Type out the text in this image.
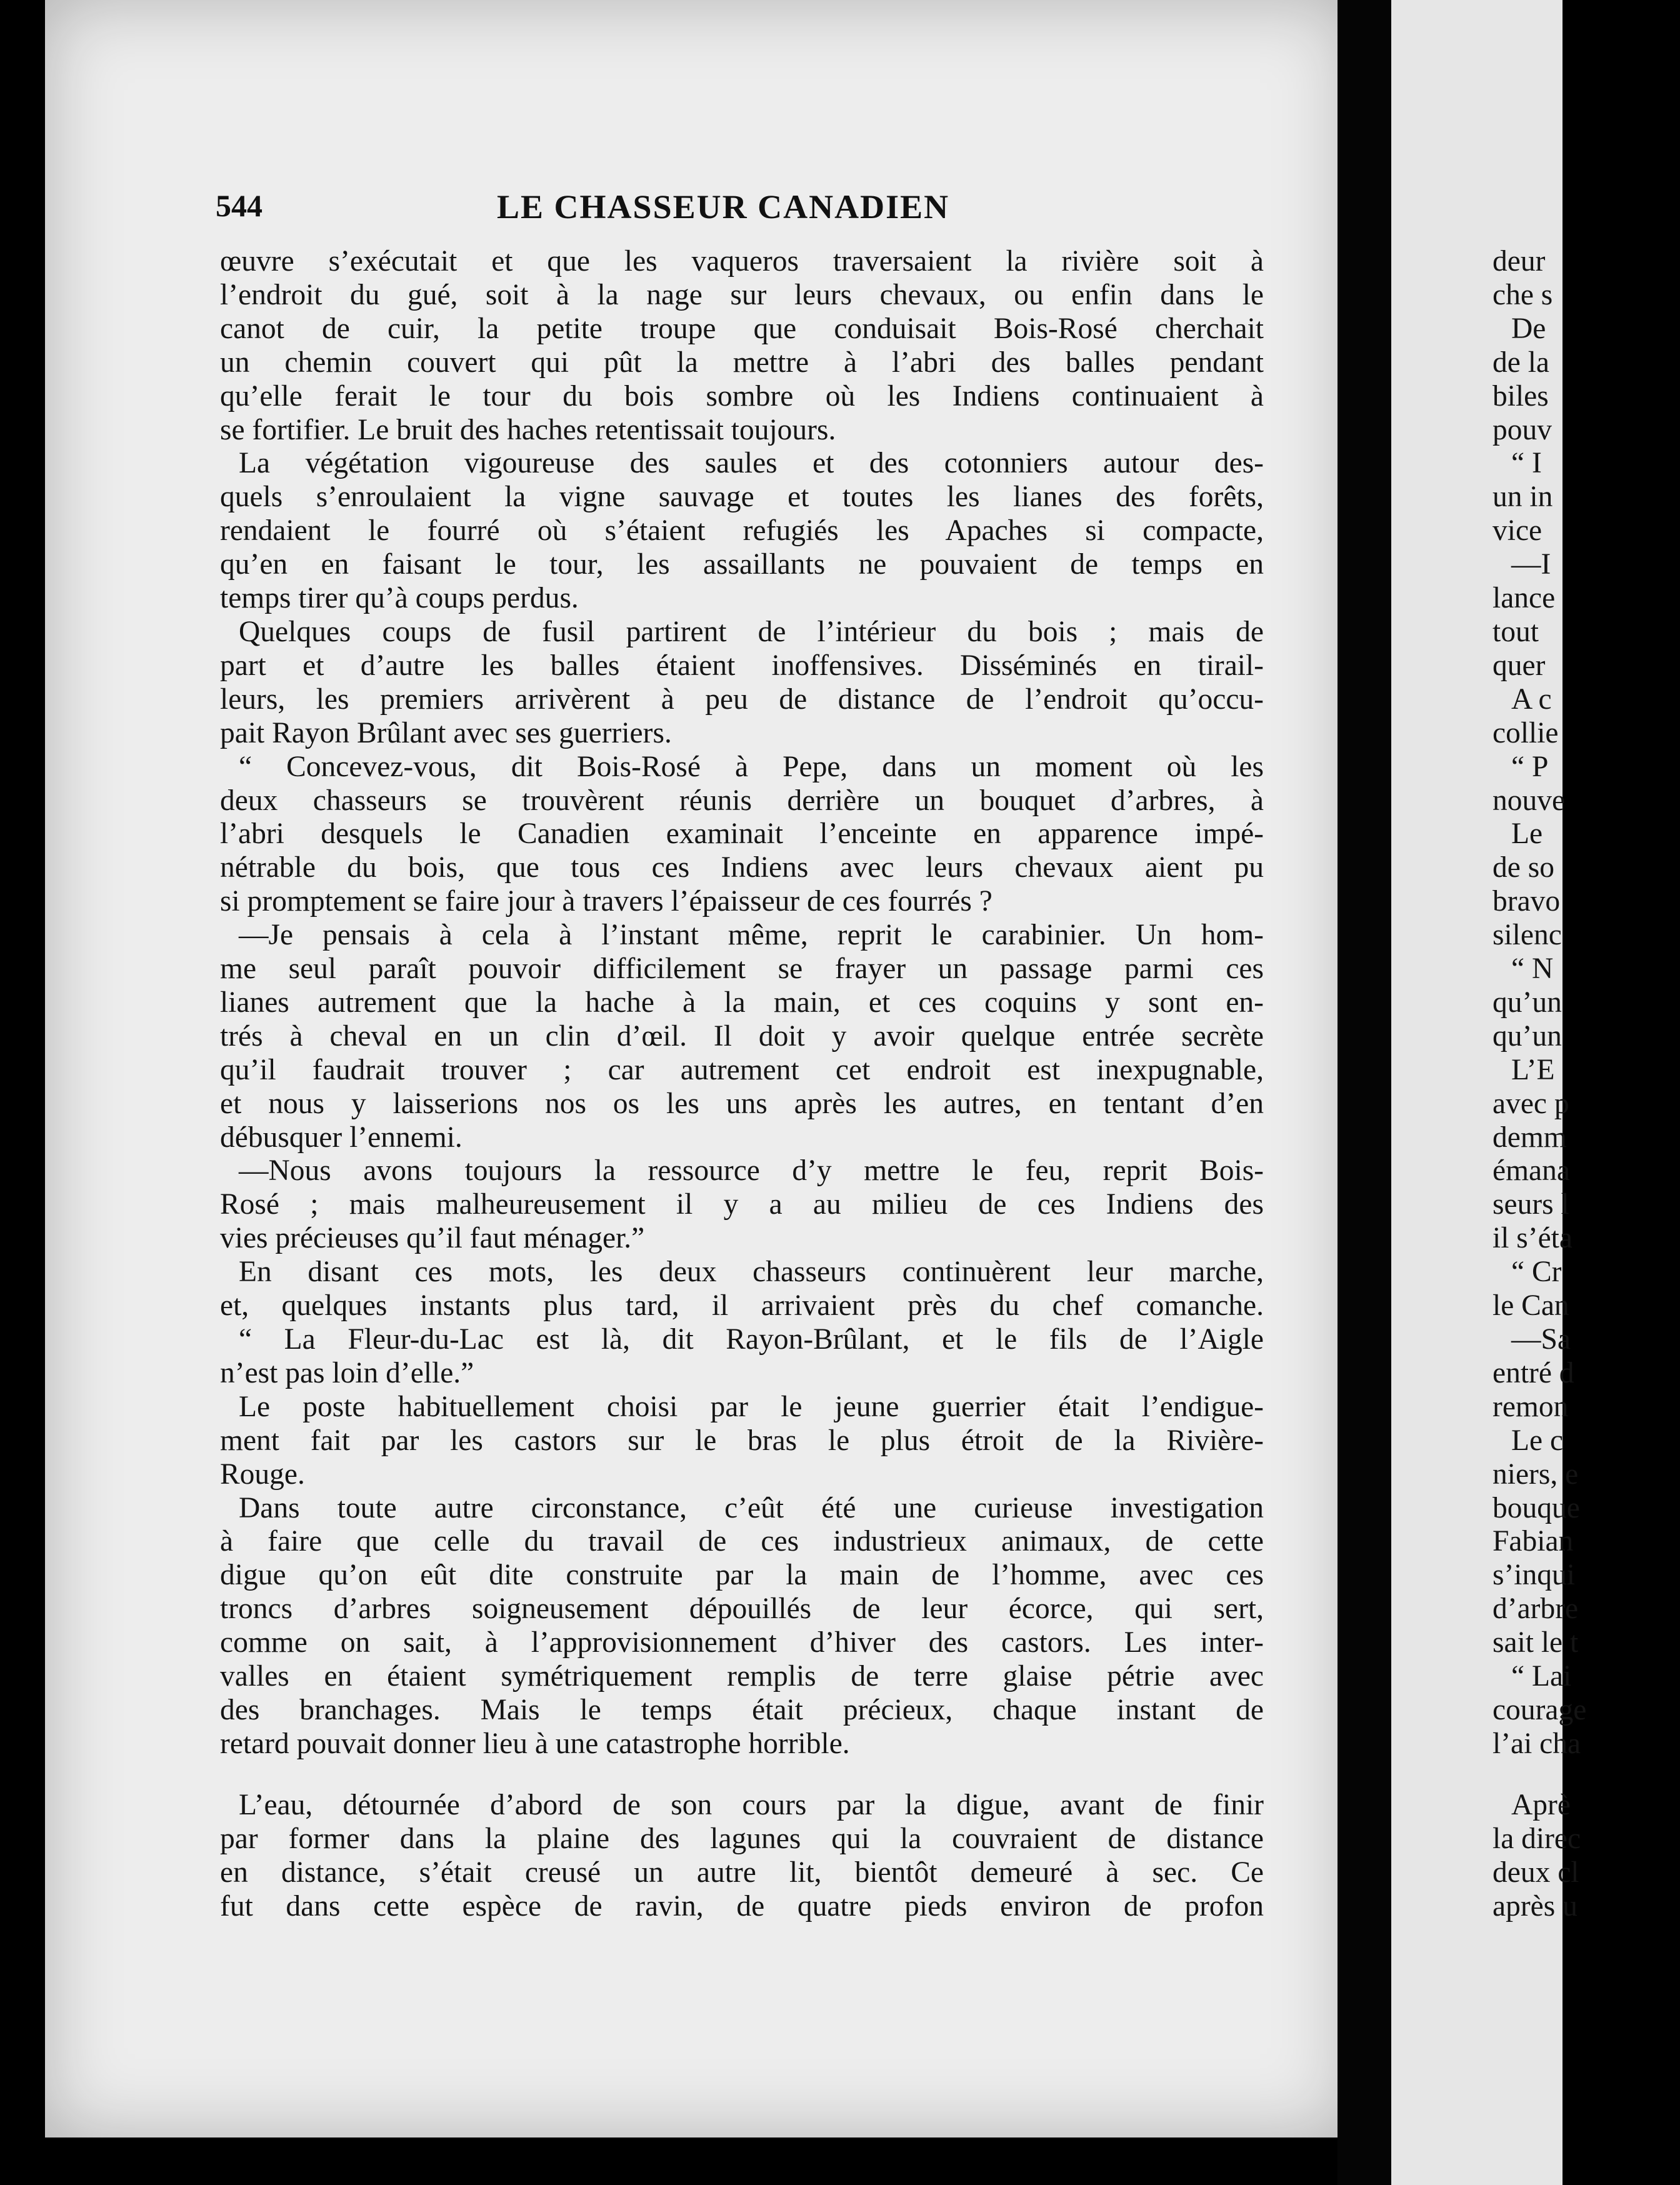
544	LE CHASSEUR CANADIEN
œuvre s’exécutait et que les vaqueros traversaient la rivière soit à
l’endroit du gué, soit à la nage sur leurs chevaux, ou enfin dans le
canot de cuir, la petite troupe que conduisait Bois-Rosé cherchait
un chemin couvert qui pût la mettre à l’abri des balles pendant
qu’elle ferait le tour du bois sombre où les Indiens continuaient à
se fortifier. Le bruit des haches retentissait toujours.
La végétation vigoureuse des saules et des cotonniers autour des-
quels s’enroulaient la vigne sauvage et toutes les lianes des forêts,
rendaient le fourré où s’étaient refugiés les Apaches si compacte,
qu’en en faisant le tour, les assaillants ne pouvaient de temps en
temps tirer qu’à coups perdus.
Quelques coups de fusil partirent de l’intérieur du bois ; mais de
part et d’autre les balles étaient inoffensives. Disséminés en tirail-
leurs, les premiers arrivèrent à peu de distance de l’endroit qu’occu-
pait Rayon Brûlant avec ses guerriers.
“ Concevez-vous, dit Bois-Rosé à Pepe, dans un moment où les
deux chasseurs se trouvèrent réunis derrière un bouquet d’arbres, à
l’abri desquels le Canadien examinait l’enceinte en apparence impé-
nétrable du bois, que tous ces Indiens avec leurs chevaux aient pu
si promptement se faire jour à travers l’épaisseur de ces fourrés ?
—Je pensais à cela à l’instant même, reprit le carabinier. Un hom-
me seul paraît pouvoir difficilement se frayer un passage parmi ces
lianes autrement que la hache à la main, et ces coquins y sont en-
trés à cheval en un clin d’œil. Il doit y avoir quelque entrée secrète
qu’il faudrait trouver ; car autrement cet endroit est inexpugnable,
et nous y laisserions nos os les uns après les autres, en tentant d’en
débusquer l’ennemi.
—Nous avons toujours la ressource d’y mettre le feu, reprit Bois-
Rosé ; mais malheureusement il y a au milieu de ces Indiens des
vies précieuses qu’il faut ménager.”
En disant ces mots, les deux chasseurs continuèrent leur marche,
et, quelques instants plus tard, il arrivaient près du chef comanche.
“ La Fleur-du-Lac est là, dit Rayon-Brûlant, et le fils de l’Aigle
n’est pas loin d’elle.”
Le poste habituellement choisi par le jeune guerrier était l’endigue-
ment fait par les castors sur le bras le plus étroit de la Rivière-
Rouge.
Dans toute autre circonstance, c’eût été une curieuse investigation
à faire que celle du travail de ces industrieux animaux, de cette
digue qu’on eût dite construite par la main de l’homme, avec ces
troncs d’arbres soigneusement dépouillés de leur écorce, qui sert,
comme on sait, à l’approvisionnement d’hiver des castors. Les inter-
valles en étaient symétriquement remplis de terre glaise pétrie avec
des branchages. Mais le temps était précieux, chaque instant de
retard pouvait donner lieu à une catastrophe horrible.
L’eau, détournée d’abord de son cours par la digue, avant de finir
par former dans la plaine des lagunes qui la couvraient de distance
en distance, s’était creusé un autre lit, bientôt demeuré à sec. Ce
fut dans cette espèce de ravin, de quatre pieds environ de profon
deur
che s
De
de la
biles
pouv
“ I
un in
vice
—I
lance
tout
quer
A c
collie
“ P
nouve
Le
de so
bravo
silenc
“ N
qu’un
qu’un
L’E
avec p
demm
émana
seurs l
il s’éta
“ Cr
le Can
—Sa
entré d
remon
Le c
niers, e
bouque
Fabian
s’inqui
d’arbre
sait le t
“ Lai
courage
l’ai cha
Aprè
la direc
deux cl
après u
